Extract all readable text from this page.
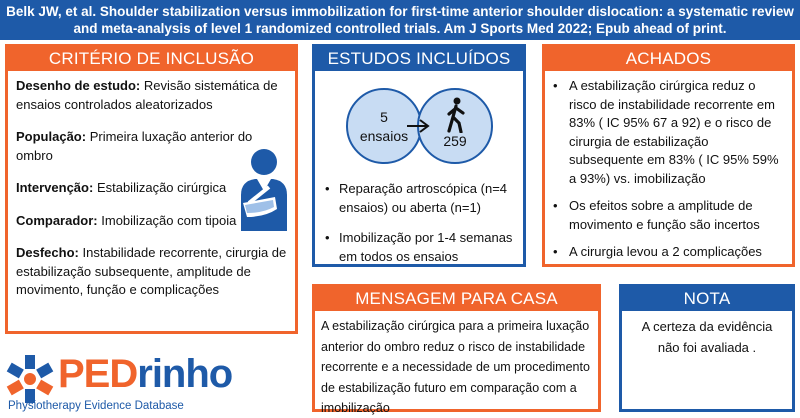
Belk JW, et al. Shoulder stabilization versus immobilization for first-time anterior shoulder dislocation: a systematic review and meta-analysis of level 1 randomized controlled trials. Am J Sports Med 2022; Epub ahead of print.
CRITÉRIO DE INCLUSÃO

Desenho de estudo: Revisão sistemática de ensaios controlados aleatorizados

População: Primeira luxação anterior do ombro

Intervenção: Estabilização cirúrgica

Comparador: Imobilização com tipoia

Desfecho: Instabilidade recorrente, cirurgia de estabilização subsequente, amplitude de movimento, função e complicações

ESTUDOS INCLUÍDOS
5
ensaios	259
• Reparação artroscópica (n=4 ensaios) ou aberta (n=1)
• Imobilização por 1-4 semanas em todos os ensaios
ACHADOS
• A estabilização cirúrgica reduz o risco de instabilidade recorrente em 83% ( IC 95% 67 a 92) e o risco de cirurgia de estabilização subsequente em 83% ( IC 95% 59% a 93%) vs. imobilização
• Os efeitos sobre a amplitude de movimento e função são incertos
• A cirurgia levou a 2 complicações
MENSAGEM PARA CASA
A estabilização cirúrgica para a primeira luxação anterior do ombro reduz o risco de instabilidade recorrente e a necessidade de um procedimento de estabilização futuro em comparação com a imobilização
NOTA
A certeza da evidência não foi avaliada .
PEDrinho
Physiotherapy Evidence Database
